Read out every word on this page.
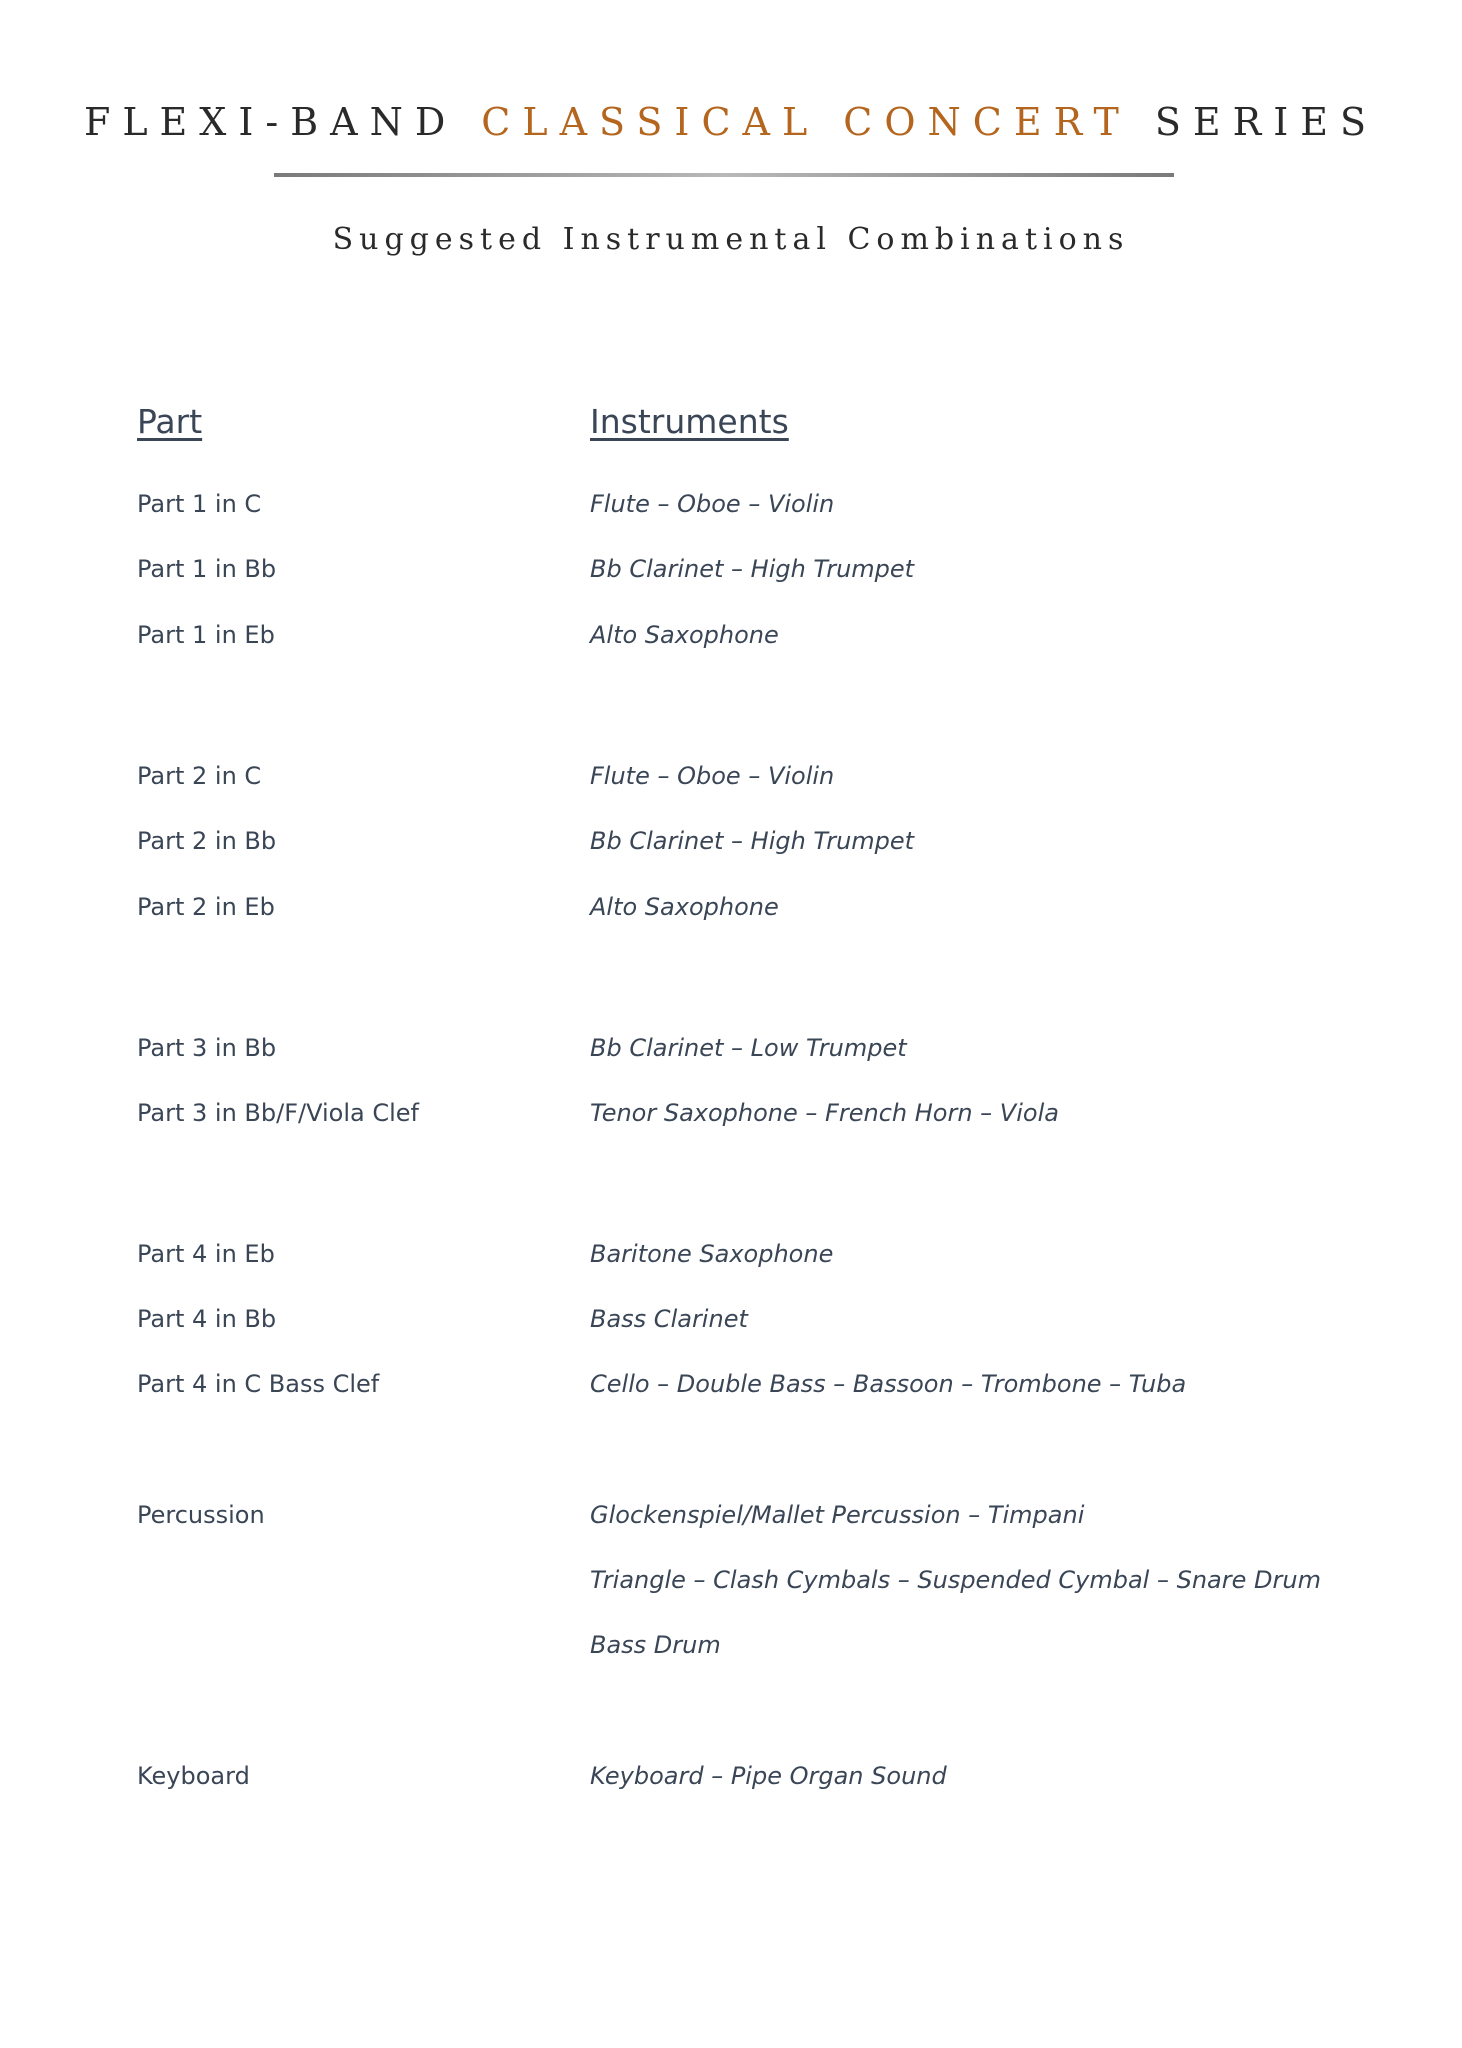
FLEXI-BAND CLASSICAL CONCERT SERIES
Suggested Instrumental Combinations
Part	Instruments
Part 1 in C	Flute – Oboe – Violin
Part 1 in Bb	Bb Clarinet – High Trumpet
Part 1 in Eb	Alto Saxophone
Part 2 in C	Flute – Oboe – Violin
Part 2 in Bb	Bb Clarinet – High Trumpet
Part 2 in Eb	Alto Saxophone
Part 3 in Bb	Bb Clarinet – Low Trumpet
Part 3 in Bb/F/Viola Clef	Tenor Saxophone – French Horn – Viola
Part 4 in Eb	Baritone Saxophone
Part 4 in Bb	Bass Clarinet
Part 4 in C Bass Clef	Cello – Double Bass – Bassoon – Trombone – Tuba
Percussion	Glockenspiel/Mallet Percussion – Timpani
Triangle – Clash Cymbals – Suspended Cymbal – Snare Drum
Bass Drum
Keyboard	Keyboard – Pipe Organ Sound
